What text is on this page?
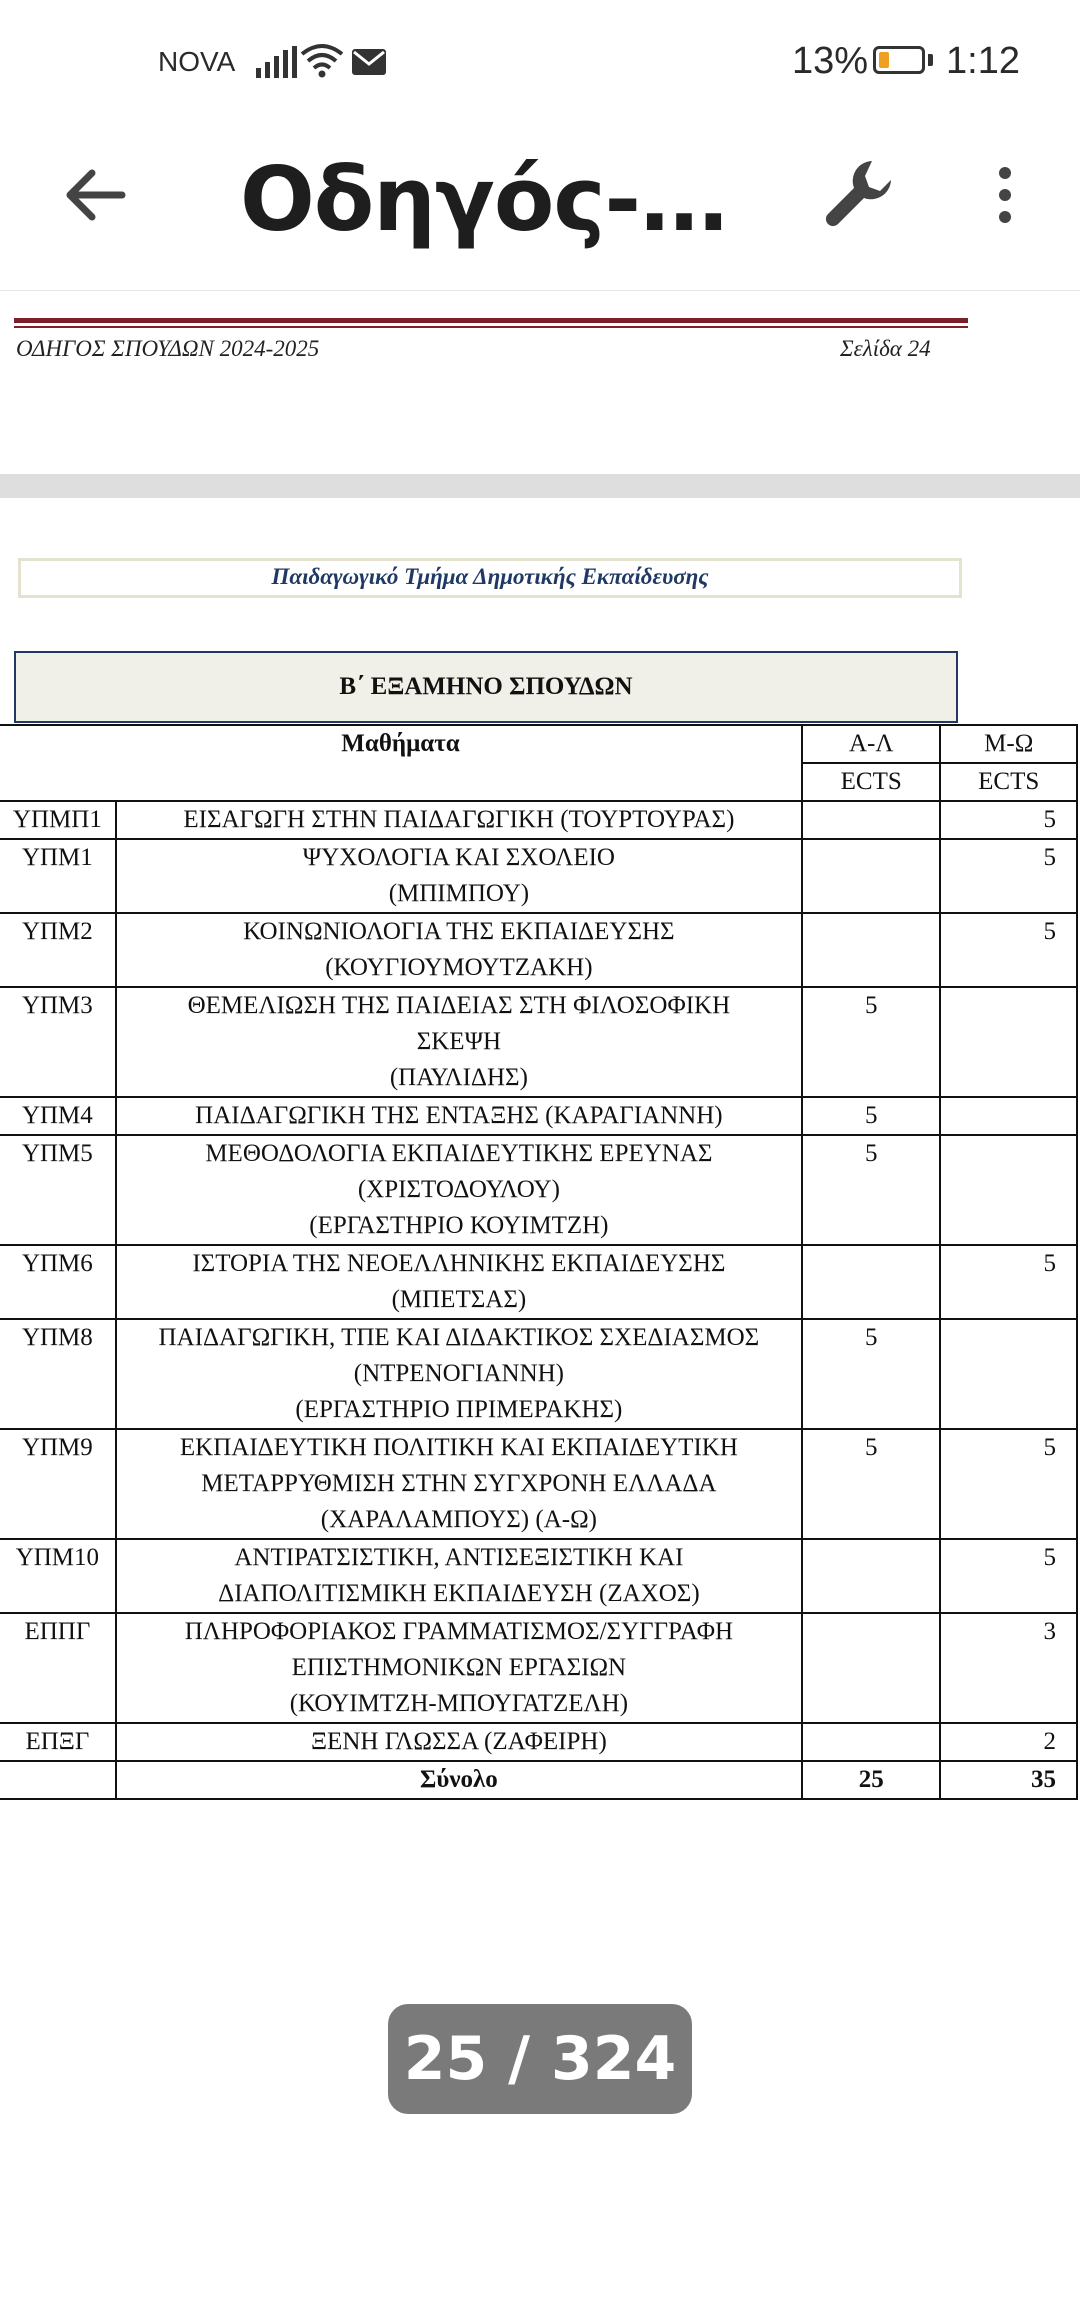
NOVA	13% 1:12
Οδηγός-…
ΟΔΗΓΟΣ ΣΠΟΥΔΩΝ 2024-2025	Σελίδα 24
Παιδαγωγικό Τμήμα Δημοτικής Εκπαίδευσης
Β΄ ΕΞΑΜΗΝΟ ΣΠΟΥΔΩΝ
Μαθήματα		Α-Λ	Μ-Ω
		ECTS	ECTS
ΥΠΜΠ1	ΕΙΣΑΓΩΓΗ ΣΤΗΝ ΠΑΙΔΑΓΩΓΙΚΗ (ΤΟΥΡΤΟΥΡΑΣ)		5
ΥΠΜ1	ΨΥΧΟΛΟΓΙΑ ΚΑΙ ΣΧΟΛΕΙΟ
(ΜΠΙΜΠΟΥ)		5
ΥΠΜ2	ΚΟΙΝΩΝΙΟΛΟΓΙΑ ΤΗΣ ΕΚΠΑΙΔΕΥΣΗΣ
(ΚΟΥΓΙΟΥΜΟΥΤΖΑΚΗ)		5
ΥΠΜ3	ΘΕΜΕΛΙΩΣΗ ΤΗΣ ΠΑΙΔΕΙΑΣ ΣΤΗ ΦΙΛΟΣΟΦΙΚΗ
ΣΚΕΨΗ
(ΠΑΥΛΙΔΗΣ)	5	
ΥΠΜ4	ΠΑΙΔΑΓΩΓΙΚΗ ΤΗΣ ΕΝΤΑΞΗΣ (ΚΑΡΑΓΙΑΝΝΗ)	5	
ΥΠΜ5	ΜΕΘΟΔΟΛΟΓΙΑ ΕΚΠΑΙΔΕΥΤΙΚΗΣ ΕΡΕΥΝΑΣ
(ΧΡΙΣΤΟΔΟΥΛΟΥ)
(ΕΡΓΑΣΤΗΡΙΟ ΚΟΥΙΜΤΖΗ)	5	
ΥΠΜ6	ΙΣΤΟΡΙΑ ΤΗΣ ΝΕΟΕΛΛΗΝΙΚΗΣ ΕΚΠΑΙΔΕΥΣΗΣ
(ΜΠΕΤΣΑΣ)		5
ΥΠΜ8	ΠΑΙΔΑΓΩΓΙΚΗ, ΤΠΕ ΚΑΙ ΔΙΔΑΚΤΙΚΟΣ ΣΧΕΔΙΑΣΜΟΣ
(ΝΤΡΕΝΟΓΙΑΝΝΗ)
(ΕΡΓΑΣΤΗΡΙΟ ΠΡΙΜΕΡΑΚΗΣ)	5	
ΥΠΜ9	ΕΚΠΑΙΔΕΥΤΙΚΗ ΠΟΛΙΤΙΚΗ ΚΑΙ ΕΚΠΑΙΔΕΥΤΙΚΗ
ΜΕΤΑΡΡΥΘΜΙΣΗ ΣΤΗΝ ΣΥΓΧΡΟΝΗ ΕΛΛΑΔΑ
(ΧΑΡΑΛΑΜΠΟΥΣ) (Α-Ω)	5	5
ΥΠΜ10	ΑΝΤΙΡΑΤΣΙΣΤΙΚΗ, ΑΝΤΙΣΕΞΙΣΤΙΚΗ ΚΑΙ
ΔΙΑΠΟΛΙΤΙΣΜΙΚΗ ΕΚΠΑΙΔΕΥΣΗ (ΖΑΧΟΣ)		5
ΕΠΠΓ	ΠΛΗΡΟΦΟΡΙΑΚΟΣ ΓΡΑΜΜΑΤΙΣΜΟΣ/ΣΥΓΓΡΑΦΗ
ΕΠΙΣΤΗΜΟΝΙΚΩΝ ΕΡΓΑΣΙΩΝ
(ΚΟΥΙΜΤΖΗ-ΜΠΟΥΓΑΤΖΕΛΗ)		3
ΕΠΞΓ	ΞΕΝΗ ΓΛΩΣΣΑ (ΖΑΦΕΙΡΗ)		2
	Σύνολο	25	35
25 / 324
